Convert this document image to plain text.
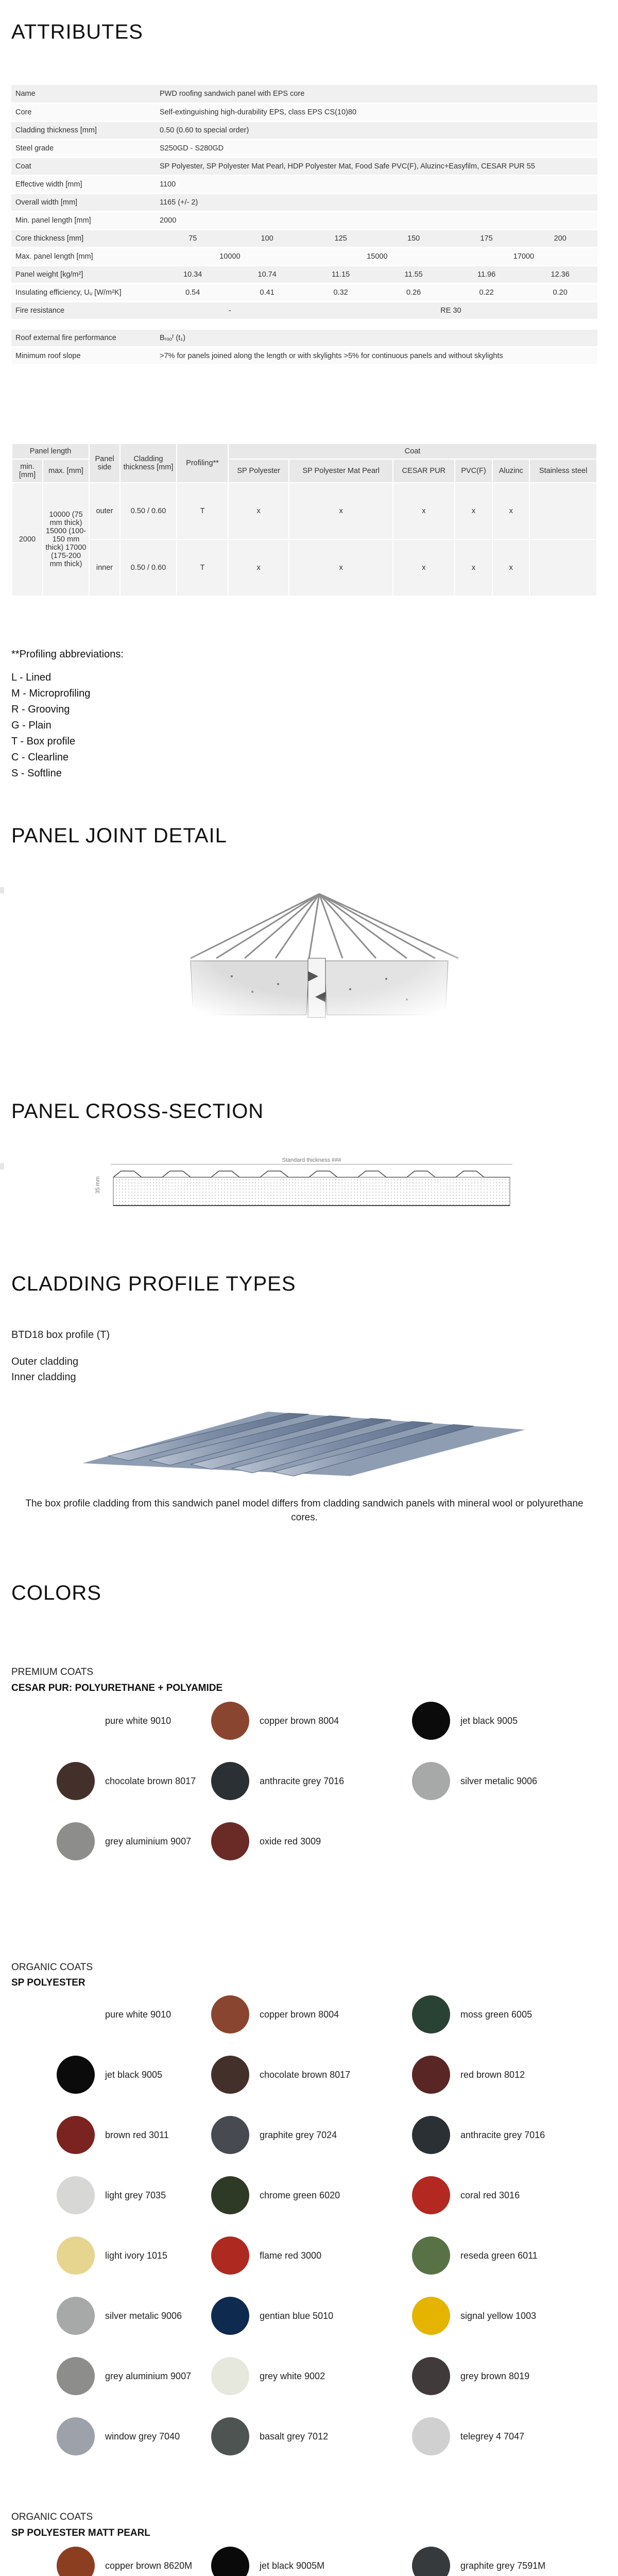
ATTRIBUTES
Name	PWD roofing sandwich panel with EPS core					
Core	Self-extinguishing high-durability EPS, class EPS CS(10)80					
Cladding thickness [mm]	0.50 (0.60 to special order)					
Steel grade	S250GD - S280GD					
Coat	SP Polyester, SP Polyester Mat Pearl, HDP Polyester Mat, Food Safe PVC(F), Aluzinc+Easyfilm, CESAR PUR 55					
Effective width [mm]	1100					
Overall width [mm]	1165 (+/- 2)					
Min. panel length [mm]	2000					
Core thickness [mm]	75	100	125	150	175	200
Max. panel length [mm]	10000		15000		17000	
Panel weight [kg/m²]	10.34	10.74	11.15	11.55	11.96	12.36
Insulating efficiency, Uᵤ [W/m²K]	0.54	0.41	0.32	0.26	0.22	0.20
Fire resistance	-		RE 30			

Roof external fire performance	Bᵣₒₒᶠ (t₁)					
Minimum roof slope	>7% for panels joined along the length or with skylights >5% for continuous panels and without skylights					
Panel length		Panel side	Cladding thickness [mm]	Profiling**	Coat					
min. [mm]	max. [mm]				SP Polyester	SP Polyester Mat Pearl	CESAR PUR	PVC(F)	Aluzinc	Stainless steel
2000	10000 (75 mm thick) 15000 (100-150 mm thick) 17000 (175-200 mm thick)	outer	0.50 / 0.60	T	x	x	x	x	x	
		inner	0.50 / 0.60	T	x	x	x	x	x	
**Profiling abbreviations:
L - Lined
M - Microprofiling
R - Grooving
G - Plain
T - Box profile
C - Clearline
S - Softline
PANEL JOINT DETAIL
PANEL CROSS-SECTION
Standard thickness ###
35 mm
CLADDING PROFILE TYPES
BTD18 box profile (T)
Outer cladding
Inner cladding
The box profile cladding from this sandwich panel model differs from cladding sandwich panels with mineral wool or polyurethane cores.
COLORS
PREMIUM COATS
CESAR PUR: POLYURETHANE + POLYAMIDE
pure white 9010	copper brown 8004	jet black 9005
chocolate brown 8017	anthracite grey 7016	silver metalic 9006
grey aluminium 9007	oxide red 3009
ORGANIC COATS
SP POLYESTER
pure white 9010	copper brown 8004	moss green 6005
jet black 9005	chocolate brown 8017	red brown 8012
brown red 3011	graphite grey 7024	anthracite grey 7016
light grey 7035	chrome green 6020	coral red 3016
light ivory 1015	flame red 3000	reseda green 6011
silver metalic 9006	gentian blue 5010	signal yellow 1003
grey aluminium 9007	grey white 9002	grey brown 8019
window grey 7040	basalt grey 7012	telegrey 4 7047
ORGANIC COATS
SP POLYESTER MATT PEARL
copper brown 8620M	jet black 9005M	graphite grey 7591M
